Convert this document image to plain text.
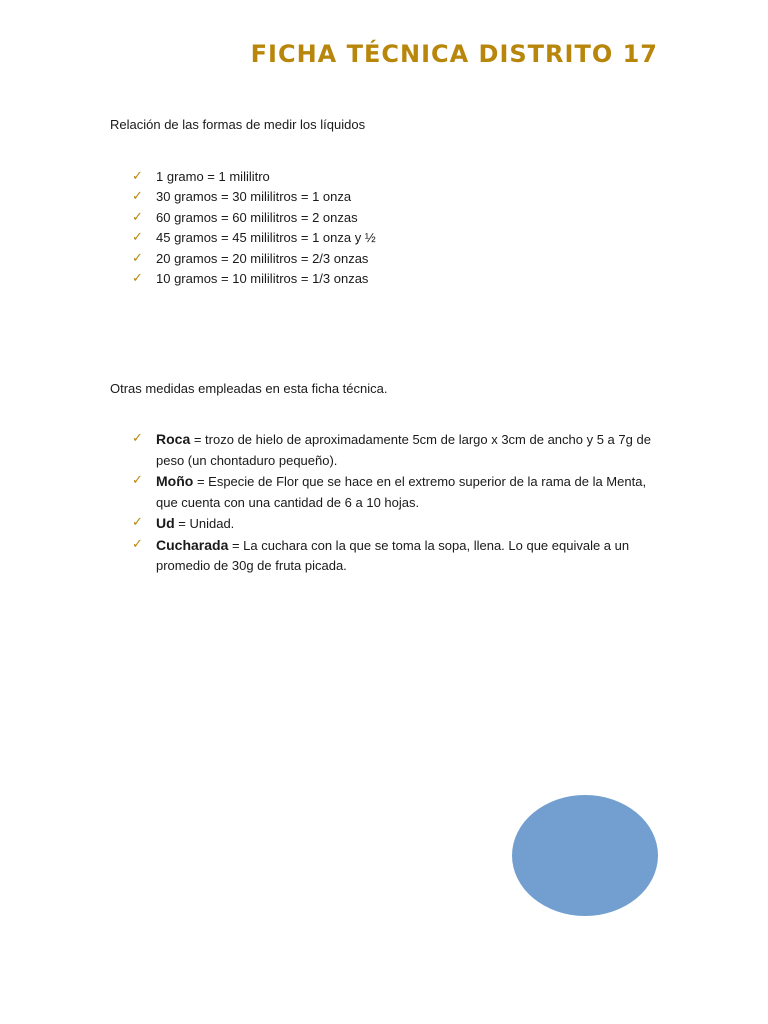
FICHA TÉCNICA DISTRITO 17

Relación de las formas de medir los líquidos

✓ 1 gramo = 1 mililitro
✓ 30 gramos = 30 mililitros = 1 onza
✓ 60 gramos = 60 mililitros = 2 onzas
✓ 45 gramos = 45 mililitros = 1 onza y ½
✓ 20 gramos = 20 mililitros = 2/3 onzas
✓ 10 gramos = 10 mililitros = 1/3 onzas

Otras medidas empleadas en esta ficha técnica.

✓ Roca = trozo de hielo de aproximadamente 5cm de largo x 3cm de ancho y 5 a 7g de peso (un chontaduro pequeño).
✓ Moño = Especie de Flor que se hace en el extremo superior de la rama de la Menta, que cuenta con una cantidad de 6 a 10 hojas.
✓ Ud = Unidad.
✓ Cucharada = La cuchara con la que se toma la sopa, llena. Lo que equivale a un promedio de 30g de fruta picada.
